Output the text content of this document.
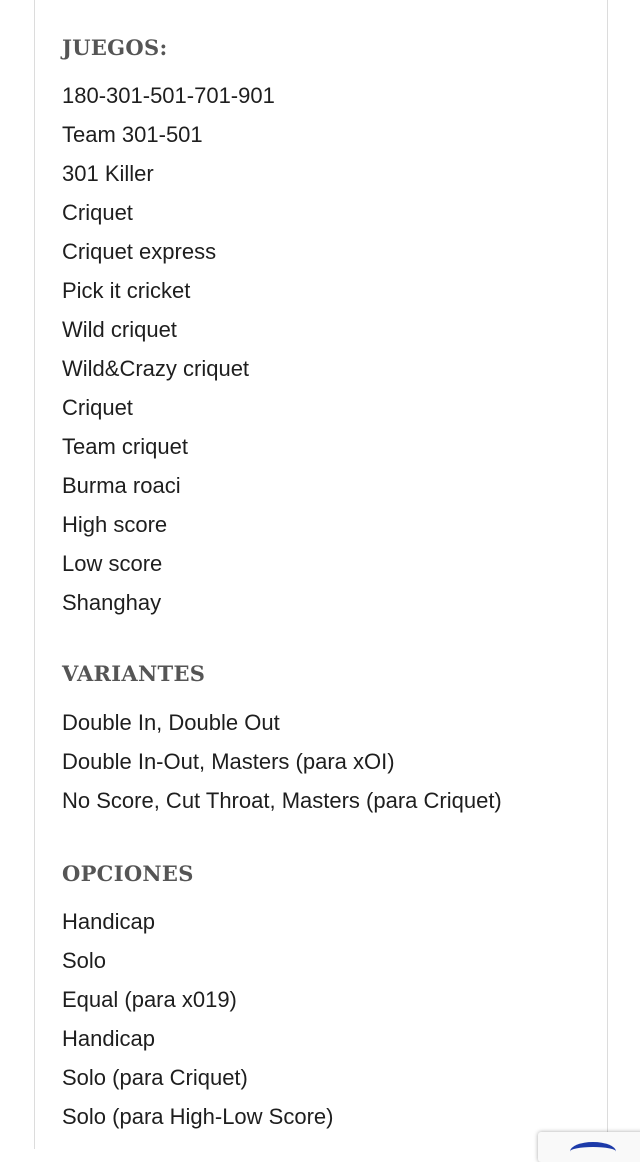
JUEGOS:
180-301-501-701-901
Team 301-501
301 Killer
Criquet
Criquet express
Pick it cricket
Wild criquet
Wild&Crazy criquet
Criquet
Team criquet
Burma roaci
High score
Low score
Shanghay
VARIANTES
Double In, Double Out
Double In-Out, Masters (para xOI)
No Score, Cut Throat, Masters (para Criquet)
OPCIONES
Handicap
Solo
Equal (para x019)
Handicap
Solo (para Criquet)
Solo (para High-Low Score)
